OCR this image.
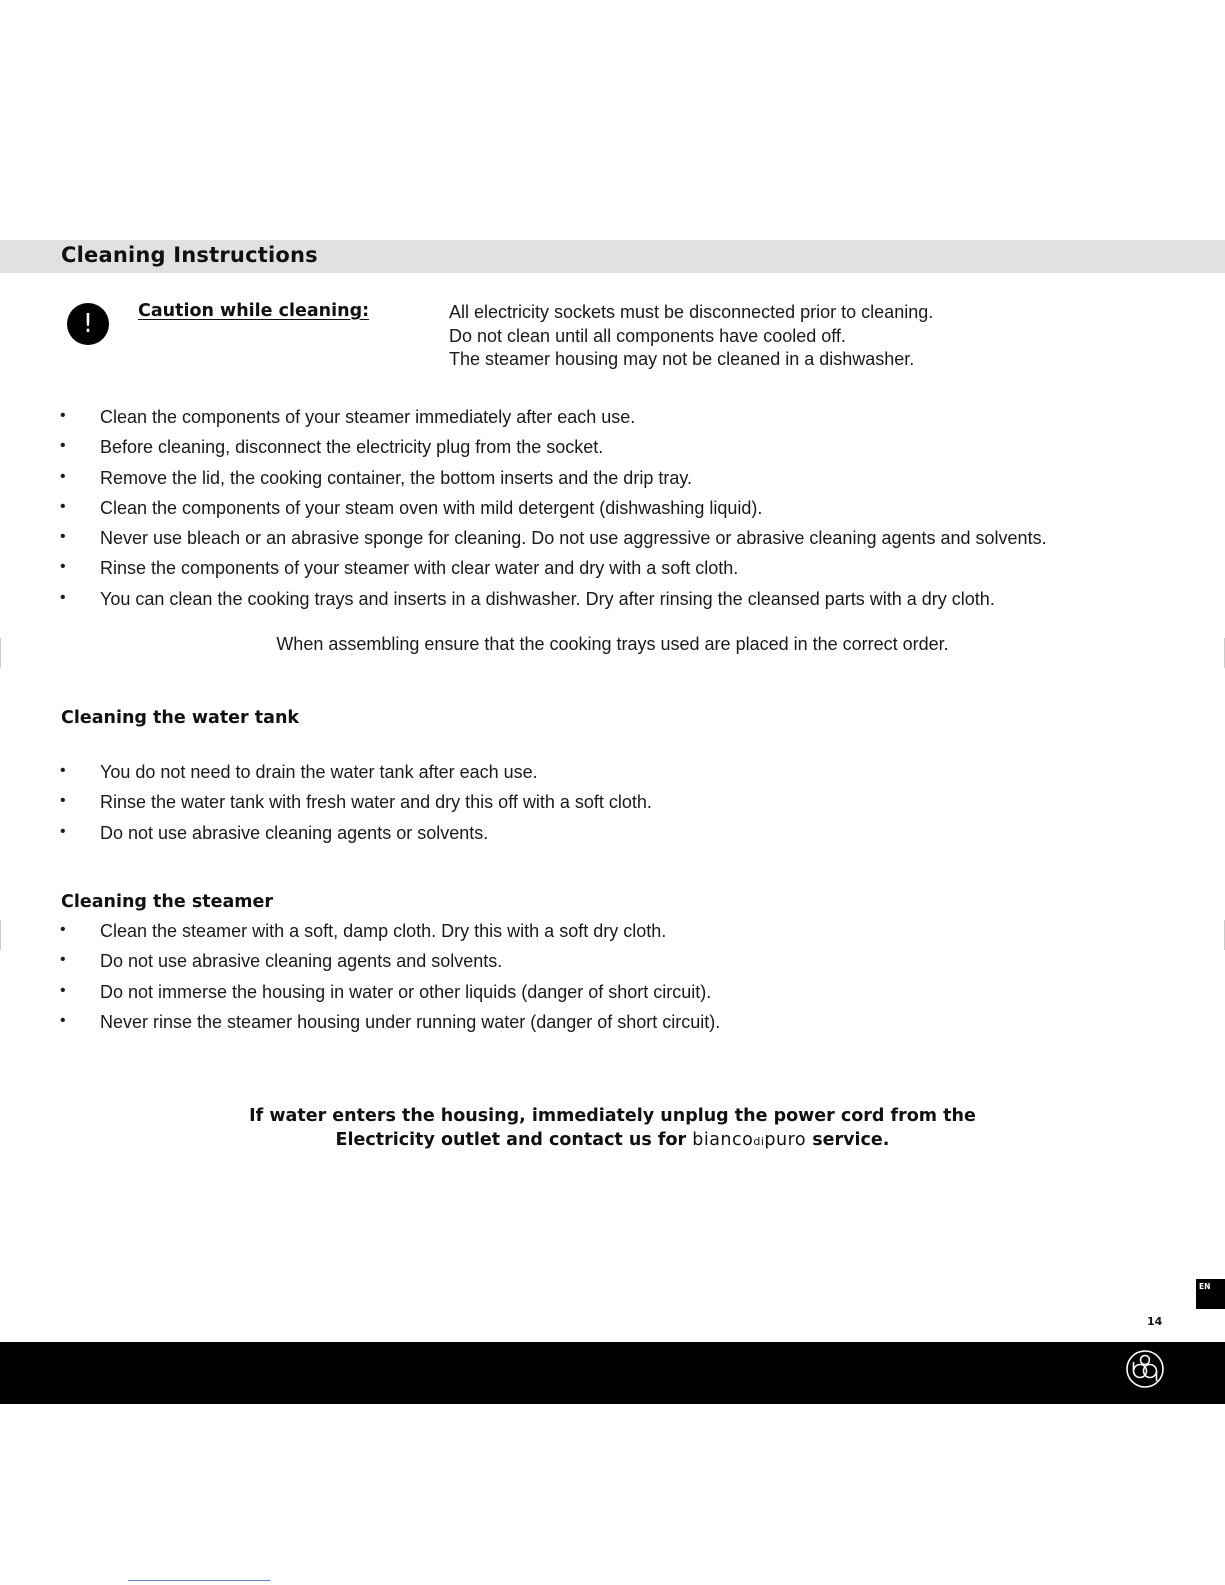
Cleaning Instructions
!	Caution while cleaning:	All electricity sockets must be disconnected prior to cleaning.
Do not clean until all components have cooled off.
The steamer housing may not be cleaned in a dishwasher.
• Clean the components of your steamer immediately after each use.
• Before cleaning, disconnect the electricity plug from the socket.
• Remove the lid, the cooking container, the bottom inserts and the drip tray.
• Clean the components of your steam oven with mild detergent (dishwashing liquid).
• Never use bleach or an abrasive sponge for cleaning. Do not use aggressive or abrasive cleaning agents and solvents.
• Rinse the components of your steamer with clear water and dry with a soft cloth.
• You can clean the cooking trays and inserts in a dishwasher. Dry after rinsing the cleansed parts with a dry cloth.
When assembling ensure that the cooking trays used are placed in the correct order.
Cleaning the water tank
• You do not need to drain the water tank after each use.
• Rinse the water tank with fresh water and dry this off with a soft cloth.
• Do not use abrasive cleaning agents or solvents.
Cleaning the steamer
• Clean the steamer with a soft, damp cloth. Dry this with a soft dry cloth.
• Do not use abrasive cleaning agents and solvents.
• Do not immerse the housing in water or other liquids (danger of short circuit).
• Never rinse the steamer housing under running water (danger of short circuit).
If water enters the housing, immediately unplug the power cord from the
Electricity outlet and contact us for biancodipuro service.
EN
14
